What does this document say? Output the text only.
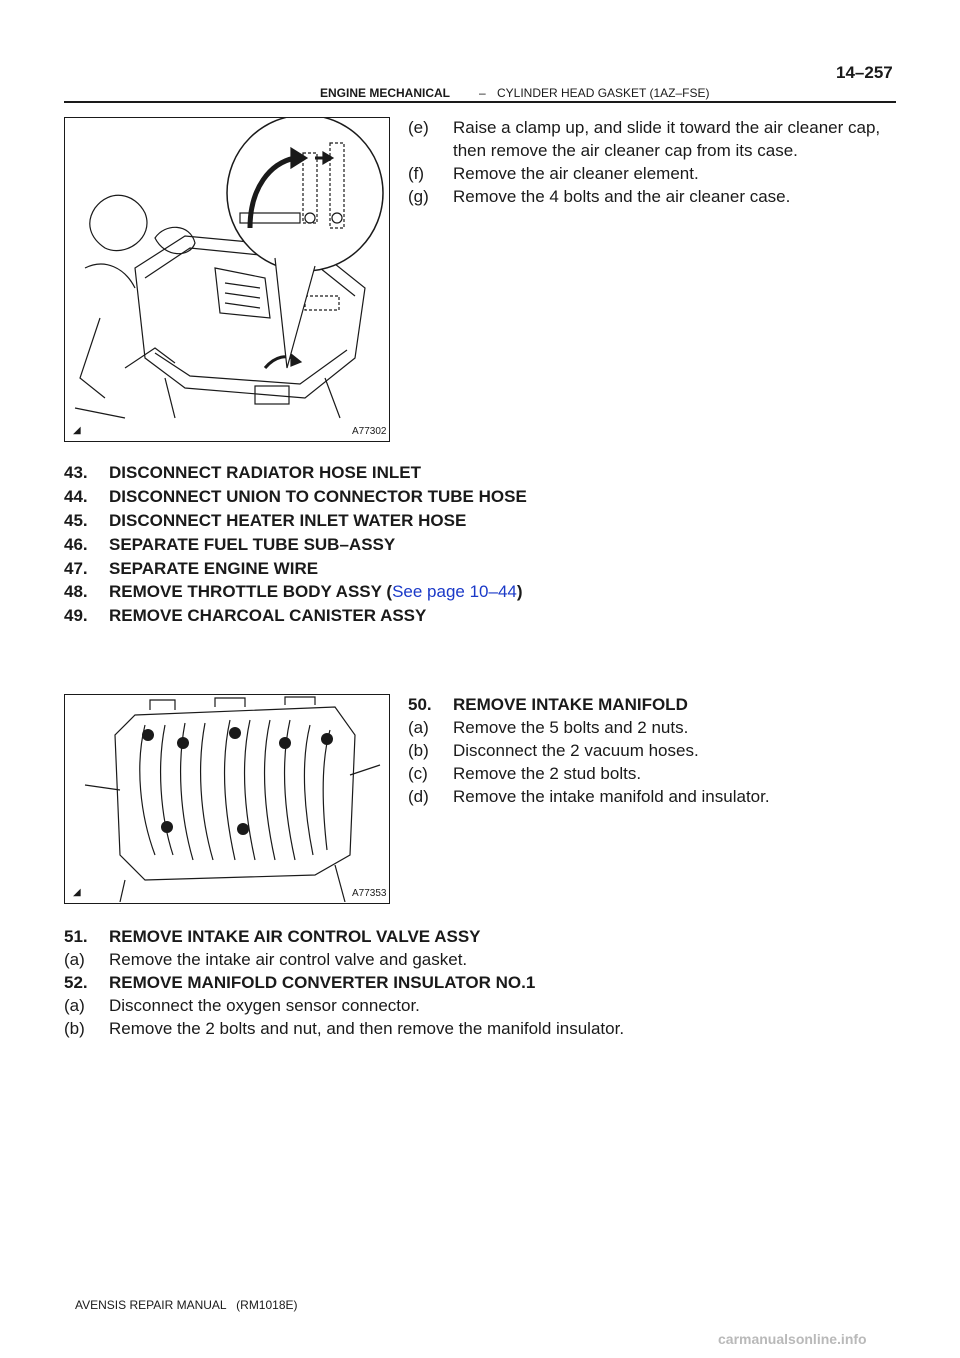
14–257
ENGINE MECHANICAL – CYLINDER HEAD GASKET (1AZ–FSE)
◢	A77302
(e) Raise a clamp up, and slide it toward the air cleaner cap,
then remove the air cleaner cap from its case.
(f) Remove the air cleaner element.
(g) Remove the 4 bolts and the air cleaner case.
43. DISCONNECT RADIATOR HOSE INLET
44. DISCONNECT UNION TO CONNECTOR TUBE HOSE
45. DISCONNECT HEATER INLET WATER HOSE
46. SEPARATE FUEL TUBE SUB–ASSY
47. SEPARATE ENGINE WIRE
48. REMOVE THROTTLE BODY ASSY (See page 10–44)
49. REMOVE CHARCOAL CANISTER ASSY
◢	A77353
50. REMOVE INTAKE MANIFOLD
(a) Remove the 5 bolts and 2 nuts.
(b) Disconnect the 2 vacuum hoses.
(c) Remove the 2 stud bolts.
(d) Remove the intake manifold and insulator.
51. REMOVE INTAKE AIR CONTROL VALVE ASSY
(a) Remove the intake air control valve and gasket.
52. REMOVE MANIFOLD CONVERTER INSULATOR NO.1
(a) Disconnect the oxygen sensor connector.
(b) Remove the 2 bolts and nut, and then remove the manifold insulator.
AVENSIS REPAIR MANUAL   (RM1018E)
carmanualsonline.info
